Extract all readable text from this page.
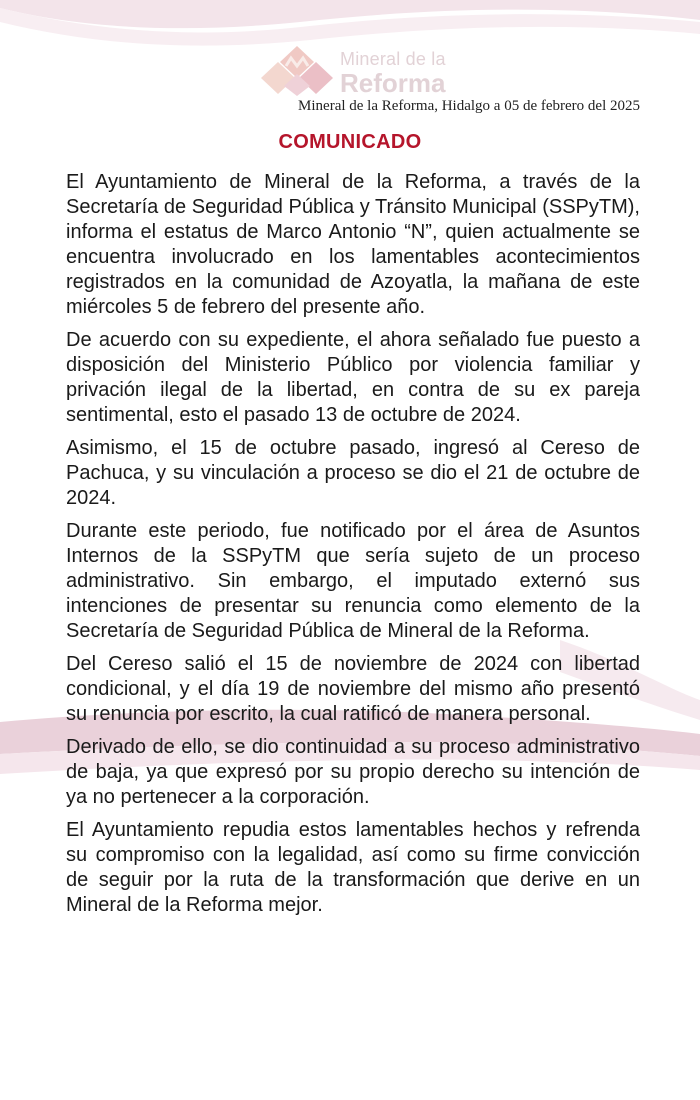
Mineral de la
Reforma
Mineral de la Reforma, Hidalgo a 05 de febrero del 2025
COMUNICADO

El Ayuntamiento de Mineral de la Reforma, a través de la Secretaría de Seguridad Pública y Tránsito Municipal (SSPyTM), informa el estatus de Marco Antonio “N”, quien actualmente se encuentra involucrado en los lamentables acontecimientos registrados en la comunidad de Azoyatla, la mañana de este miércoles 5 de febrero del presente año.

De acuerdo con su expediente, el ahora señalado fue puesto a disposición del Ministerio Público por violencia familiar y privación ilegal de la libertad, en contra de su ex pareja sentimental, esto el pasado 13 de octubre de 2024.

Asimismo, el 15 de octubre pasado, ingresó al Cereso de Pachuca, y su vinculación a proceso se dio el 21 de octubre de 2024.

Durante este periodo, fue notificado por el área de Asuntos Internos de la SSPyTM que sería sujeto de un proceso administrativo. Sin embargo, el imputado externó sus intenciones de presentar su renuncia como elemento de la Secretaría de Seguridad Pública de Mineral de la Reforma.

Del Cereso salió el 15 de noviembre de 2024 con libertad condicional, y el día 19 de noviembre del mismo año presentó su renuncia por escrito, la cual ratificó de manera personal.

Derivado de ello, se dio continuidad a su proceso administrativo de baja, ya que expresó por su propio derecho su intención de ya no pertenecer a la corporación.

El Ayuntamiento repudia estos lamentables hechos y refrenda su compromiso con la legalidad, así como su firme convicción de seguir por la ruta de la transformación que derive en un Mineral de la Reforma mejor.
